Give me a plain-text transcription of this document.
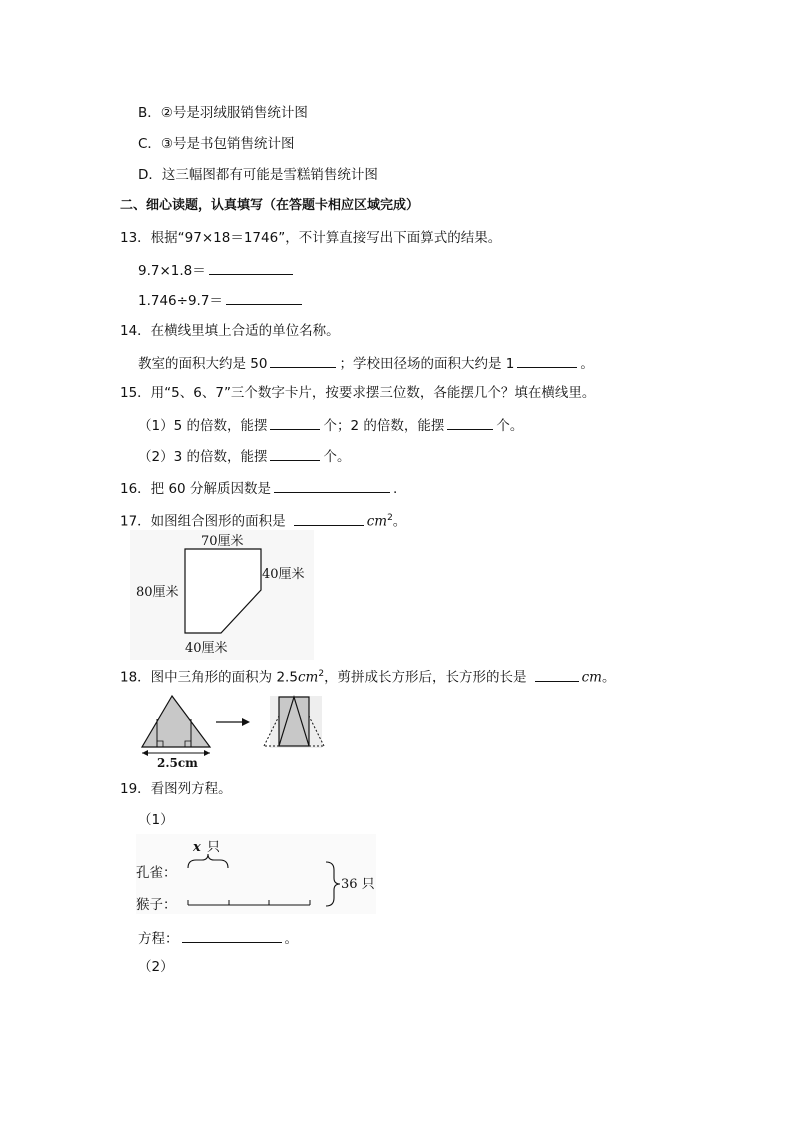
B．②号是羽绒服销售统计图
C．③号是书包销售统计图
D．这三幅图都有可能是雪糕销售统计图
二、细心读题，认真填写（在答题卡相应区域完成）
13．根据“97×18＝1746”，不计算直接写出下面算式的结果。
9.7×1.8＝
1.746÷9.7＝
14．在横线里填上合适的单位名称。
教室的面积大约是 50	；学校田径场的面积大约是 1	。
15．用“5、6、7”三个数字卡片，按要求摆三位数，各能摆几个？填在横线里。
（1）5 的倍数，能摆	个；2 的倍数，能摆	个。
（2）3 的倍数，能摆	个。
16．把 60 分解质因数是	.
17．如图组合图形的面积是	$cm^2$。
70厘米
40厘米
80厘米
40厘米
18．图中三角形的面积为 $2.5cm^2$，剪拼成长方形后，长方形的长是	cm。
2.5cm
19．看图列方程。
（1）
x 只
孔雀：
猴子：
36 只
方程：	。
（2）
